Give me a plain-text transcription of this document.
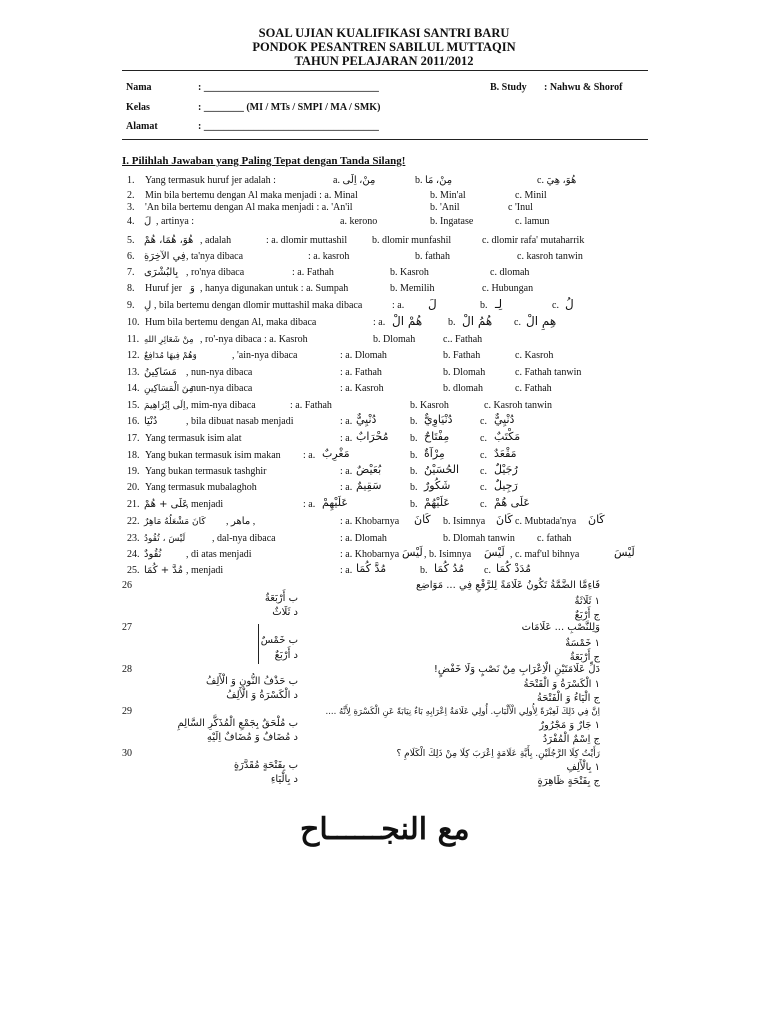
SOAL UJIAN KUALIFIKASI SANTRI BARU
PONDOK PESANTREN SABILUL MUTTAQIN
TAHUN PELAJARAN 2011/2012
Nama	: ___________________________________	B. Study : Nahwu & Shorof
Kelas	: ________ (MI / MTs / SMPI / MA / SMK)
Alamat	: ___________________________________
I. Pilihlah Jawaban yang Paling Tepat dengan Tanda Silang!
1. Yang termasuk huruf jer adalah :	a. مِنْ، اِلَى	b. مِنْ، مَا	c. هُوَ، هِيَ
2. Min bila bertemu dengan Al maka menjadi : a. Minal	b. Min'al	c. Minil
3. 'An bila bertemu dengan Al maka menjadi : a. 'An'il	b. 'Anil	c 'Inul
4. لَ , artinya :	a. kerono	b. Ingatase	c. lamun
5. هُوَ، هُمَا، هُمْ , adalah	: a. dlomir muttashil b. dlomir munfashil	c. dlomir rafa' mutaharrik
6. فِي الآخِرَةِ , ta'nya dibaca	: a. kasroh	b. fathah	c. kasroh tanwin
7. بِالبُشْرَى , ro'nya dibaca	: a. Fathah	b. Kasroh	c. dlomah
8. Huruf jer وَ , hanya digunakan untuk : a. Sumpah	b. Memilih	c. Hubungan
9. لِ , bila bertemu dengan dlomir muttashil maka dibaca	: a. لَ	b. لِـ	c. لُ
10. Hum bila bertemu dengan Al, maka dibaca	: a. هُمْ الْ	b. هُمُ الْ c. هِمِ الْ
11. مِنْ شَعَائِرِ اللهِ , ro'-nya dibaca : a. Kasroh	b. Dlomah	c.. Fathah
12. وَهُمْ فِيهَا مُدَافِعٌ	, 'ain-nya dibaca	: a. Dlomah	b. Fathah	c. Kasroh
13. مَسَاكِينُ , nun-nya dibaca	: a. Fathah	b. Dlomah	c. Fathah tanwin
14. مِنَ الْمَسَاكِينِ
, nun-nya dibaca	: a. Kasroh	b. dlomah	c. Fathah
15. اِلَى اِبْرَاهِيمَ , mim-nya dibaca	: a. Fathah	b. Kasroh	c. Kasroh tanwin
16. دُنْيَا	, bila dibuat nasab menjadi	: a. دُنْيِيٌّ	b. دُنْيَاوِيٌّ	c. دُنْيِيٌّ
17. Yang termasuk isim alat	: a. مُحْرَابٌ b. مِفْتَاحٌ	c. مَكْتَبٌ
18. Yang bukan termasuk isim makan : a. مَغْرِبٌ	b. مِرْآةٌ	c. مَقْعَدٌ
19. Yang bukan termasuk tashghir	: a. بُعَيْضٌ	b. الحُسَيْنُ c. رُجَيْلٌ
20. Yang termasuk mubalaghoh	: a. سَقِيمٌ	b. شَكُورٌ	c. رَجِيلٌ
21. عَلَى + هُمْ
, menjadi	: a. عَلَيْهِمْ	b. عَلَيْهُمْ	c. عَلَى هُمْ
22. كَانَ مَشْعَلُهُ مَاهِرٌ , ماهر ,	: a. Khobarnya كَانَ b. Isimnya كَانَ c. Mubtada'nya كَانَ
23. لَيْسَ ، تُقُودُ	, dal-nya dibaca	: a. Dlomah	b. Dlomah tanwin c. fathah
24. نُقُودٌ , di atas menjadi	: a. Khobarnya لَيْسَ , b. Isimnya لَيْسَ , c. maf'ul bihnya	لَيْسَ
25. مُدَّ + كُمَا , menjadi	: a. مُدَّ كُمَا	b. مُدُ كُمَا c. مُدَدْ كُمَا
26	فَاءِمَّا الضَّمَّةُ تَكُونُ عَلَامَةً لِلرَّفْعِ فِي ... مَوَاضِع
١ ثَلَاثَةٌ
ب أَرْبَعَةٌ
ج أَرْبَعٌ
د ثَلَاثٌ
27	وَلِلنَّصْبِ ... عَلَامَات
١ خَمْسَةٌ
ب خَمْسٌ
ج أَرْبَعَةٌ
د أَرْبَعٌ
28	دَلِّ عَلَامَتَيْنِ الْاِعْرَابِ مِنْ نَصْبٍ وَلَا خَفْضٍ!
١ الْكَسْرَةُ وَ الْفَتْحَةُ
ب حَذْفُ النُّونِ وَ الْأَلِفُ
ج الْيَاءُ وَ الْفَتْحَةُ
د الْكَسْرَةُ وَ الْأَلِفُ
29	اِنَّ فِي ذَلِكَ لَعِبْرَةً لِأُولِي الْأَلْبَابِ. أُولِي عَلَامَةُ اِعْرَابِهِ بَاءٌ نِيَابَةً عَنِ الْكَسْرَةِ لِأَنَّهُ ....
١ جَارٌ وَ مَجْرُورٌ
ب مُلْحَقٌ بِجَمْعِ الْمُذَكَّرِ السَّالِمِ
ج اِسْمٌ الْمُفْرَدُ
د مُضَافٌ وَ مُضَافٌ اِلَيْهِ
30	رَأَيْتُ كِلَا الرَّجُلَيْنِ. بِأَيَّةِ عَلَامَةٍ اِعْرَبَ كِلَا مِنْ ذَلِكَ الْكَلَامِ ؟
١ بِالْأَلِفِ
ب بِفَتْحَةٍ مُقَدَّرَةٍ
ج بِفَتْحَةٍ ظَاهِرَةٍ
د بِالْيَاءِ
مع النجــــــاح
